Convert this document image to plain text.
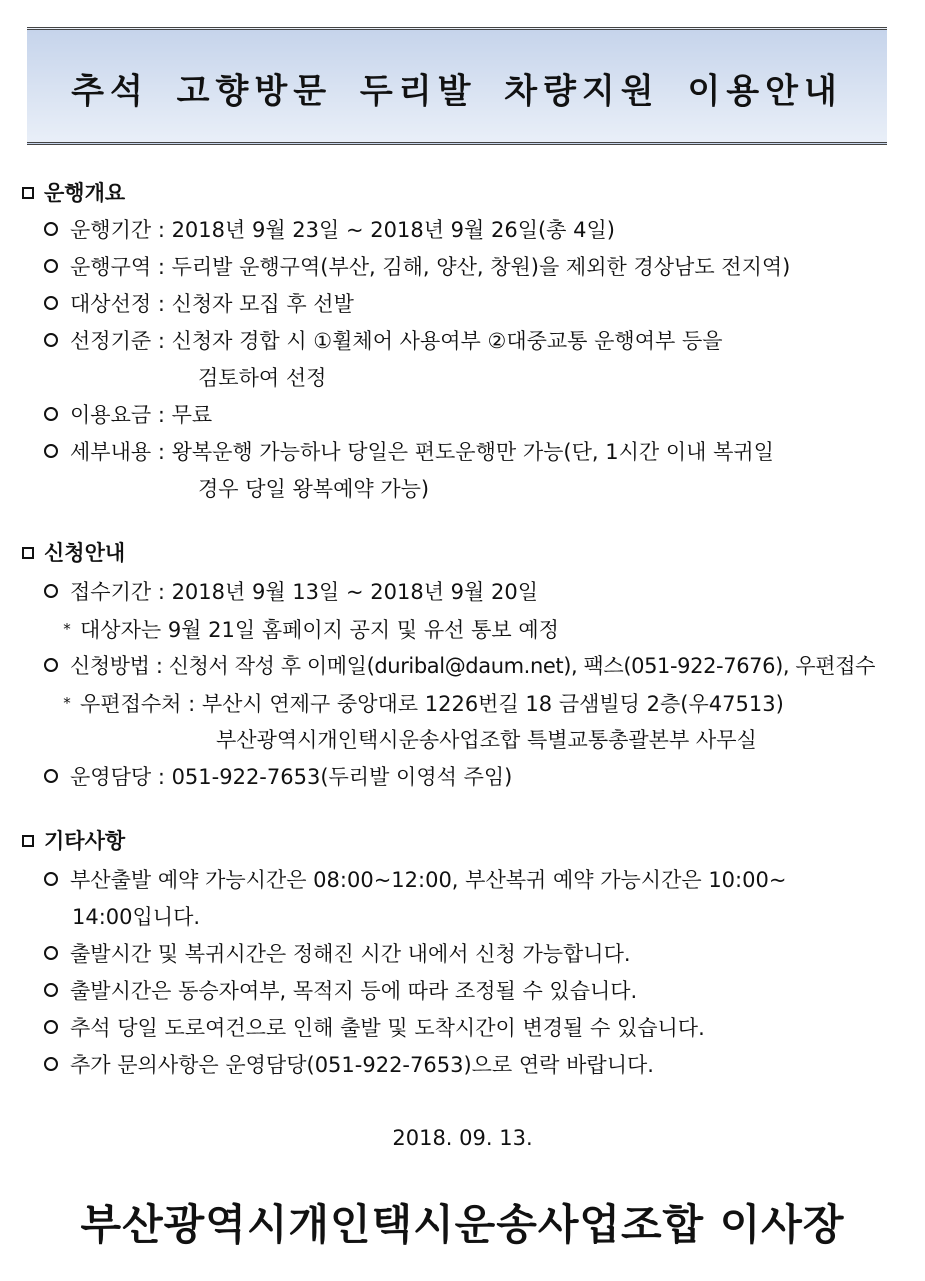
추석 고향방문 두리발 차량지원 이용안내
운행개요
운행기간 : 2018년 9월 23일 ~ 2018년 9월 26일(총 4일)
운행구역 : 두리발 운행구역(부산, 김해, 양산, 창원)을 제외한 경상남도 전지역)
대상선정 : 신청자 모집 후 선발
선정기준 : 신청자 경합 시 ①휠체어 사용여부 ②대중교통 운행여부 등을
검토하여 선정
이용요금 : 무료
세부내용 : 왕복운행 가능하나 당일은 편도운행만 가능(단, 1시간 이내 복귀일
경우 당일 왕복예약 가능)
신청안내
접수기간 : 2018년 9월 13일 ~ 2018년 9월 20일
* 대상자는 9월 21일 홈페이지 공지 및 유선 통보 예정
신청방법 : 신청서 작성 후 이메일(duribal@daum.net), 팩스(051-922-7676), 우편접수
* 우편접수처 : 부산시 연제구 중앙대로 1226번길 18 금샘빌딩 2층(우47513)
부산광역시개인택시운송사업조합 특별교통총괄본부 사무실
운영담당 : 051-922-7653(두리발 이영석 주임)
기타사항
부산출발 예약 가능시간은 08:00~12:00, 부산복귀 예약 가능시간은 10:00~
14:00입니다.
출발시간 및 복귀시간은 정해진 시간 내에서 신청 가능합니다.
출발시간은 동승자여부, 목적지 등에 따라 조정될 수 있습니다.
추석 당일 도로여건으로 인해 출발 및 도착시간이 변경될 수 있습니다.
추가 문의사항은 운영담당(051-922-7653)으로 연락 바랍니다.
2018. 09. 13.
부산광역시개인택시운송사업조합 이사장
